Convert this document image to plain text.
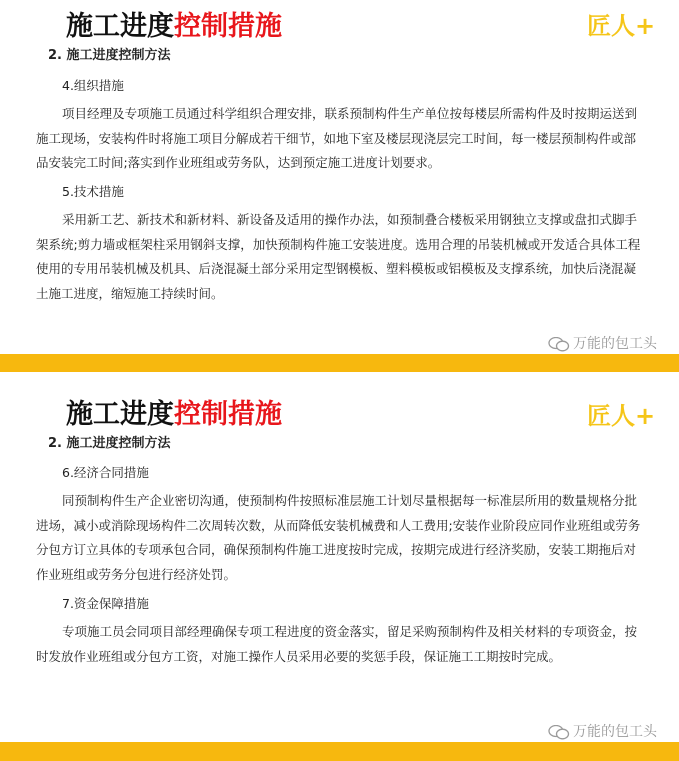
施工进度控制措施	匠人+
2. 施工进度控制方法
4.组织措施
项目经理及专项施工员通过科学组织合理安排，联系预制构件生产单位按每楼层所需构件及时按期运送到施工现场，安装构件时将施工项目分解成若干细节，如地下室及楼层现浇层完工时间，每一楼层预制构件或部品安装完工时间;落实到作业班组或劳务队，达到预定施工进度计划要求。
5.技术措施
采用新工艺、新技术和新材料、新设备及适用的操作办法，如预制叠合楼板采用钢独立支撑或盘扣式脚手架系统;剪力墙或框架柱采用钢斜支撑，加快预制构件施工安装进度。选用合理的吊装机械或开发适合具体工程使用的专用吊装机械及机具、后浇混凝土部分采用定型钢模板、塑料模板或铝模板及支撑系统，加快后浇混凝土施工进度，缩短施工持续时间。
万能的包工头
施工进度控制措施	匠人+
2. 施工进度控制方法
6.经济合同措施
同预制构件生产企业密切沟通，使预制构件按照标准层施工计划尽量根据每一标准层所用的数量规格分批进场，减小或消除现场构件二次周转次数，从而降低安装机械费和人工费用;安装作业阶段应同作业班组或劳务分包方订立具体的专项承包合同，确保预制构件施工进度按时完成，按期完成进行经济奖励，安装工期拖后对作业班组或劳务分包进行经济处罚。
7.资金保障措施
专项施工员会同项目部经理确保专项工程进度的资金落实，留足采购预制构件及相关材料的专项资金，按时发放作业班组或分包方工资，对施工操作人员采用必要的奖惩手段，保证施工工期按时完成。
万能的包工头
